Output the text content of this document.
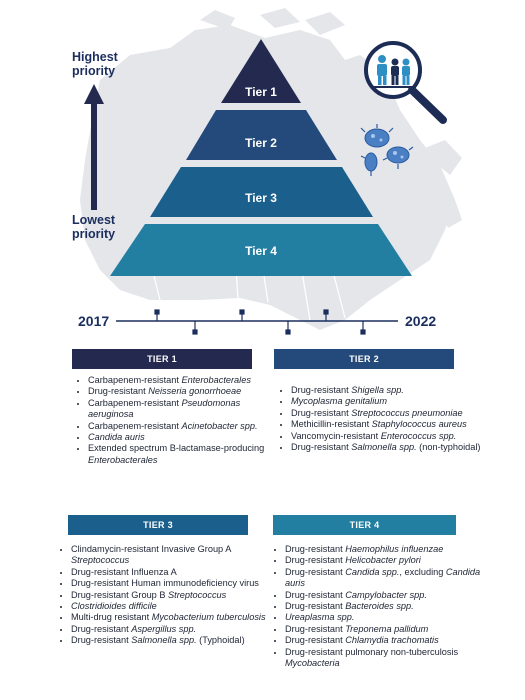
Highest priority
Lowest priority
Tier 1
Tier 2
Tier 3
Tier 4
2017	2022
TIER 1
• Carbapenem-resistant Enterobacterales
• Drug-resistant Neisseria gonorrhoeae
• Carbapenem-resistant Pseudomonas aeruginosa
• Carbapenem-resistant Acinetobacter spp.
• Candida auris
• Extended spectrum B-lactamase-producing Enterobacterales
TIER 2
• Drug-resistant Shigella spp.
• Mycoplasma genitalium
• Drug-resistant Streptococcus pneumoniae
• Methicillin-resistant Staphylococcus aureus
• Vancomycin-resistant Enterococcus spp.
• Drug-resistant Salmonella spp. (non-typhoidal)
TIER 3
• Clindamycin-resistant Invasive Group A Streptococcus
• Drug-resistant Influenza A
• Drug-resistant Human immunodeficiency virus
• Drug-resistant Group B Streptococcus
• Clostridioides difficile
• Multi-drug resistant Mycobacterium tuberculosis
• Drug-resistant Aspergillus spp.
• Drug-resistant Salmonella spp. (Typhoidal)
TIER 4
• Drug-resistant Haemophilus influenzae
• Drug-resistant Helicobacter pylori
• Drug-resistant Candida spp., excluding Candida auris
• Drug-resistant Campylobacter spp.
• Drug-resistant Bacteroides spp.
• Ureaplasma spp.
• Drug-resistant Treponema pallidum
• Drug-resistant Chlamydia trachomatis
• Drug-resistant pulmonary non-tuberculosis Mycobacteria
